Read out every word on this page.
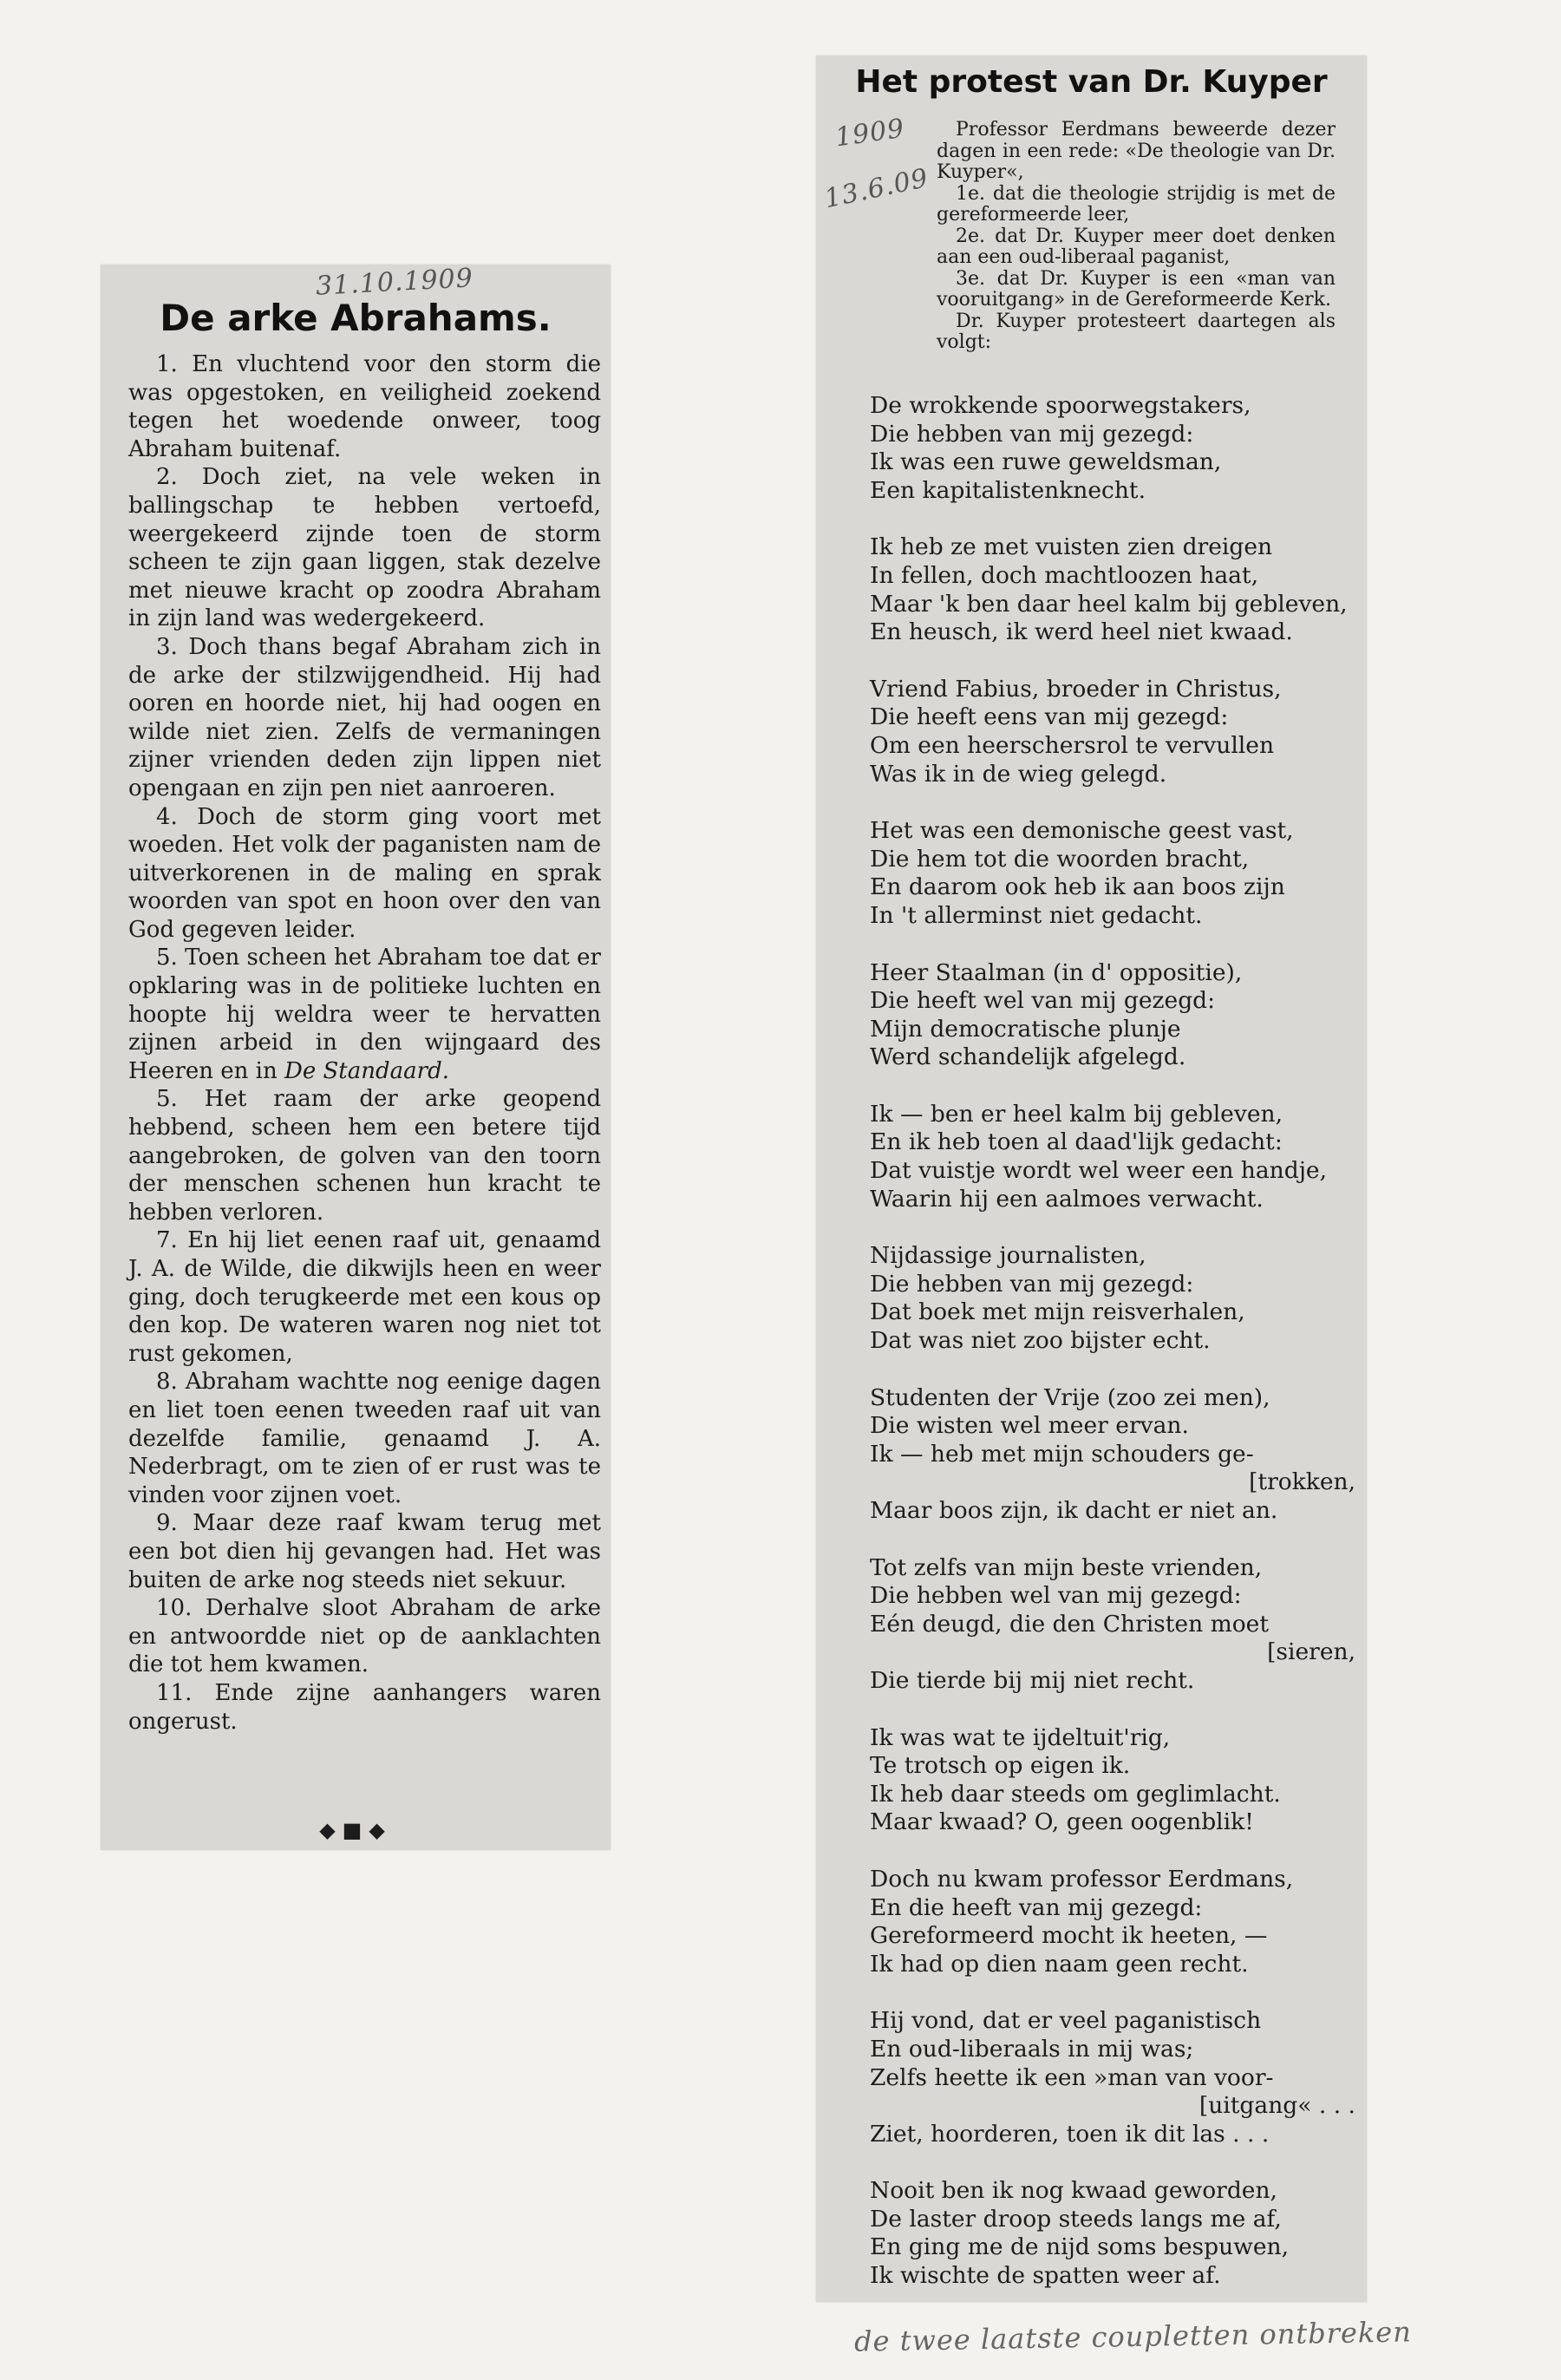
31.10.1909
De arke Abrahams.

1. En vluchtend voor den storm die was opgestoken, en veiligheid zoekend tegen het woedende onweer, toog Abraham buitenaf.

2. Doch ziet, na vele weken in ballingschap te hebben vertoefd, weergekeerd zijnde toen de storm scheen te zijn gaan liggen, stak dezelve met nieuwe kracht op zoodra Abraham in zijn land was wedergekeerd.

3. Doch thans begaf Abraham zich in de arke der stilzwijgendheid. Hij had ooren en hoorde niet, hij had oogen en wilde niet zien. Zelfs de vermaningen zijner vrienden deden zijn lippen niet opengaan en zijn pen niet aanroeren.

4. Doch de storm ging voort met woeden. Het volk der paganisten nam de uitverkorenen in de maling en sprak woorden van spot en hoon over den van God gegeven leider.

5. Toen scheen het Abraham toe dat er opklaring was in de politieke luchten en hoopte hij weldra weer te hervatten zijnen arbeid in den wijngaard des Heeren en in De Standaard.

5. Het raam der arke geopend hebbend, scheen hem een betere tijd aangebroken, de golven van den toorn der menschen schenen hun kracht te hebben verloren.

7. En hij liet eenen raaf uit, genaamd J. A. de Wilde, die dikwijls heen en weer ging, doch terugkeerde met een kous op den kop. De wateren waren nog niet tot rust gekomen,

8. Abraham wachtte nog eenige dagen en liet toen eenen tweeden raaf uit van dezelfde familie, genaamd J. A. Nederbragt, om te zien of er rust was te vinden voor zijnen voet.

9. Maar deze raaf kwam terug met een bot dien hij gevangen had. Het was buiten de arke nog steeds niet sekuur.

10. Derhalve sloot Abraham de arke en antwoordde niet op de aanklachten die tot hem kwamen.

11. Ende zijne aanhangers waren ongerust.

◆■◆
Het protest van Dr. Kuyper
1909
13.6.09

Professor Eerdmans beweerde dezer dagen in een rede: «De theologie van Dr. Kuyper«,

1e. dat die theologie strijdig is met de gereformeerde leer,

2e. dat Dr. Kuyper meer doet denken aan een oud-liberaal paganist,

3e. dat Dr. Kuyper is een «man van vooruitgang» in de Gereformeerde Kerk.

Dr. Kuyper protesteert daartegen als volgt:

De wrokkende spoorwegstakers,
Die hebben van mij gezegd:
Ik was een ruwe geweldsman,
Een kapitalistenknecht.
Ik heb ze met vuisten zien dreigen
In fellen, doch machtloozen haat,
Maar 'k ben daar heel kalm bij gebleven,
En heusch, ik werd heel niet kwaad.
Vriend Fabius, broeder in Christus,
Die heeft eens van mij gezegd:
Om een heerschersrol te vervullen
Was ik in de wieg gelegd.
Het was een demonische geest vast,
Die hem tot die woorden bracht,
En daarom ook heb ik aan boos zijn
In 't allerminst niet gedacht.
Heer Staalman (in d' oppositie),
Die heeft wel van mij gezegd:
Mijn democratische plunje
Werd schandelijk afgelegd.
Ik — ben er heel kalm bij gebleven,
En ik heb toen al daad'lijk gedacht:
Dat vuistje wordt wel weer een handje,
Waarin hij een aalmoes verwacht.
Nijdassige journalisten,
Die hebben van mij gezegd:
Dat boek met mijn reisverhalen,
Dat was niet zoo bijster echt.
Studenten der Vrije (zoo zei men),
Die wisten wel meer ervan.
Ik — heb met mijn schouders ge-
[trokken,
Maar boos zijn, ik dacht er niet an.
Tot zelfs van mijn beste vrienden,
Die hebben wel van mij gezegd:
Eén deugd, die den Christen moet
[sieren,
Die tierde bij mij niet recht.
Ik was wat te ijdeltuit'rig,
Te trotsch op eigen ik.
Ik heb daar steeds om geglimlacht.
Maar kwaad? O, geen oogenblik!
Doch nu kwam professor Eerdmans,
En die heeft van mij gezegd:
Gereformeerd mocht ik heeten, —
Ik had op dien naam geen recht.
Hij vond, dat er veel paganistisch
En oud-liberaals in mij was;
Zelfs heette ik een »man van voor-
[uitgang« . . .
Ziet, hoorderen, toen ik dit las . . .
Nooit ben ik nog kwaad geworden,
De laster droop steeds langs me af,
En ging me de nijd soms bespuwen,
Ik wischte de spatten weer af.
de twee laatste coupletten ontbreken
